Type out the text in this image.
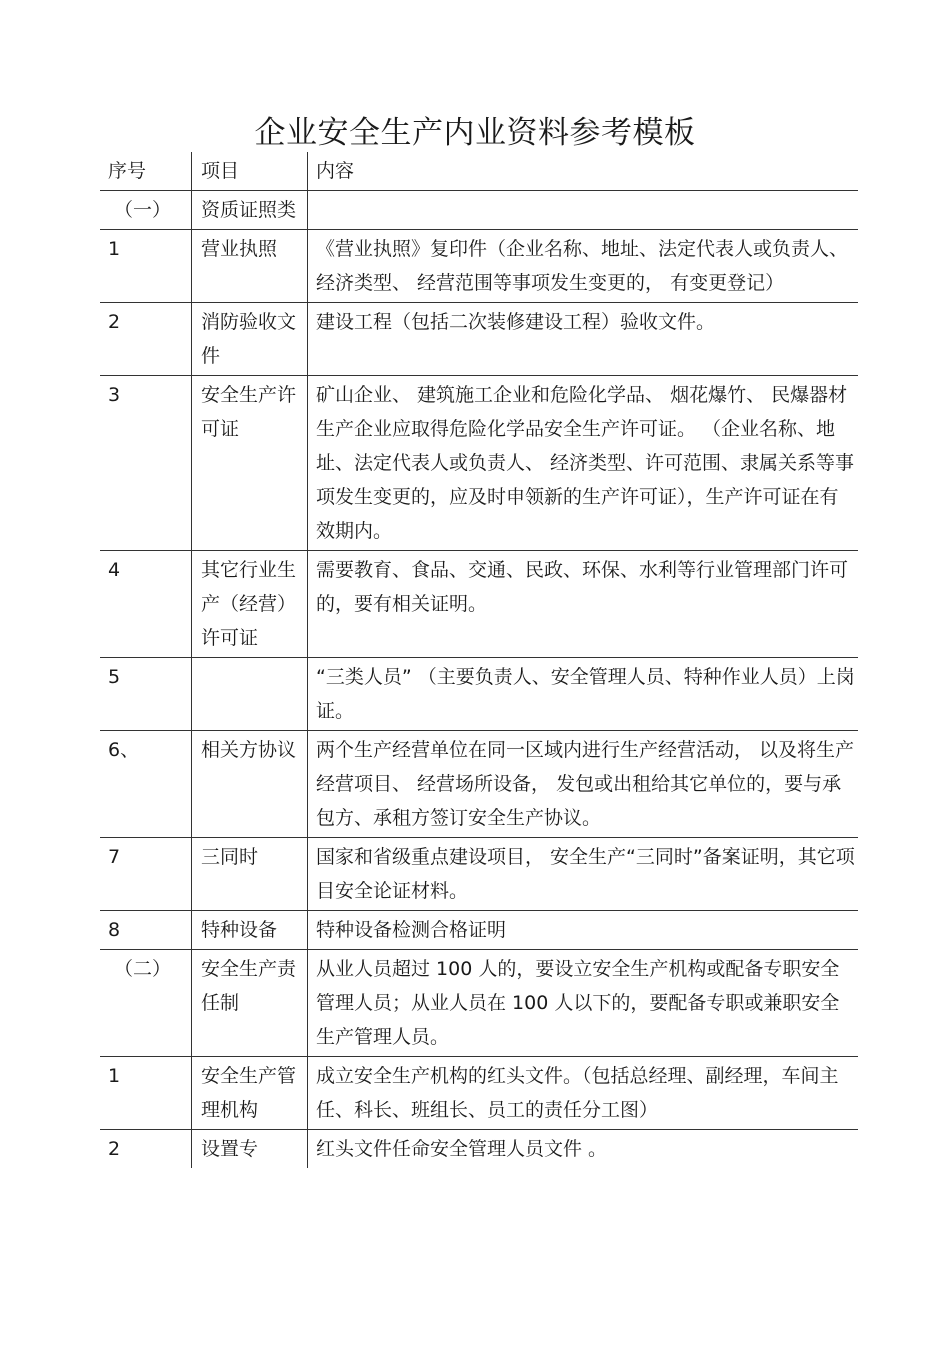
企业安全生产内业资料参考模板
序号	项目	内容
（一）	资质证照类	
1	营业执照	《营业执照》复印件（企业名称、地址、法定代表人或负责人、经济类型、 经营范围等事项发生变更的， 有变更登记）
2	消防验收文件	建设工程（包括二次装修建设工程）验收文件。
3	安全生产许可证	矿山企业、 建筑施工企业和危险化学品、 烟花爆竹、 民爆器材生产企业应取得危险化学品安全生产许可证。 （企业名称、地址、法定代表人或负责人、 经济类型、许可范围、隶属关系等事项发生变更的，应及时申领新的生产许可证），生产许可证在有效期内。
4	其它行业生产（经营）许可证	需要教育、食品、交通、民政、环保、水利等行业管理部门许可的，要有相关证明。
5		“三类人员” （主要负责人、安全管理人员、特种作业人员）上岗证。
6、	相关方协议	两个生产经营单位在同一区域内进行生产经营活动， 以及将生产经营项目、 经营场所设备， 发包或出租给其它单位的，要与承包方、承租方签订安全生产协议。
7	三同时	国家和省级重点建设项目， 安全生产“三同时”备案证明，其它项目安全论证材料。
8	特种设备	特种设备检测合格证明
（二）	安全生产责任制	从业人员超过 100 人的，要设立安全生产机构或配备专职安全管理人员；从业人员在 100 人以下的，要配备专职或兼职安全生产管理人员。
1	安全生产管理机构	成立安全生产机构的红头文件。（包括总经理、副经理，车间主任、科长、班组长、员工的责任分工图）
2	设置专	红头文件任命安全管理人员文件 。
